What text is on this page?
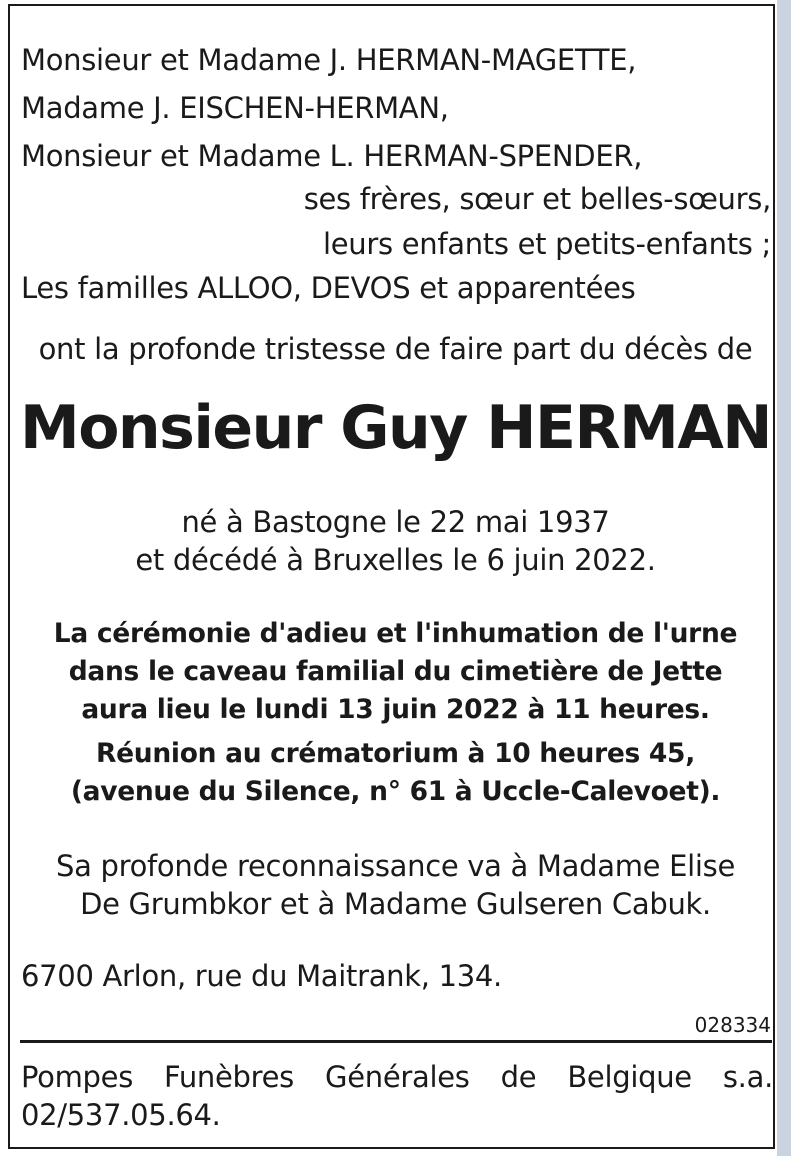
Monsieur et Madame J. HERMAN-MAGETTE,
Madame J. EISCHEN-HERMAN,
Monsieur et Madame L. HERMAN-SPENDER,
ses frères, sœur et belles-sœurs,
leurs enfants et petits-enfants ;
Les familles ALLOO, DEVOS et apparentées
ont la profonde tristesse de faire part du décès de
Monsieur Guy HERMAN
né à Bastogne le 22 mai 1937
et décédé à Bruxelles le 6 juin 2022.
La cérémonie d'adieu et l'inhumation de l'urne
dans le caveau familial du cimetière de Jette
aura lieu le lundi 13 juin 2022 à 11 heures.
Réunion au crématorium à 10 heures 45,
(avenue du Silence, n° 61 à Uccle-Calevoet).
Sa profonde reconnaissance va à Madame Elise
De Grumbkor et à Madame Gulseren Cabuk.
6700 Arlon, rue du Maitrank, 134.
028334
Pompes Funèbres Générales de Belgique s.a.
02/537.05.64.
